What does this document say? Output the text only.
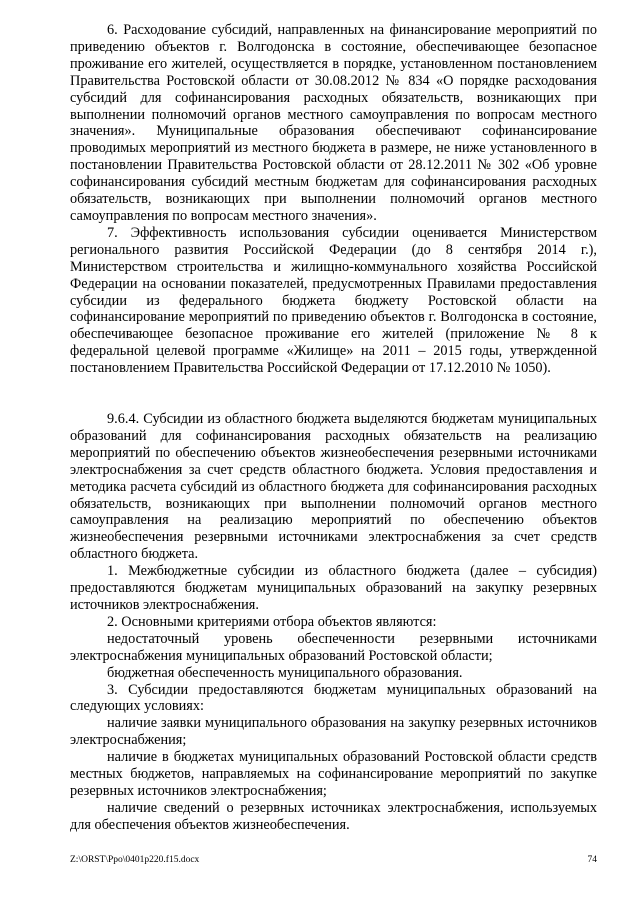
6. Расходование субсидий, направленных на финансирование мероприятий по приведению объектов г. Волгодонска в состояние, обеспечивающее безопасное проживание его жителей, осуществляется в порядке, установленном постановлением Правительства Ростовской области от 30.08.2012 № 834 «О порядке расходования субсидий для софинансирования расходных обязательств, возникающих при выполнении полномочий органов местного самоуправления по вопросам местного значения». Муниципальные образования обеспечивают софинансирование проводимых мероприятий из местного бюджета в размере, не ниже установленного в постановлении Правительства Ростовской области от 28.12.2011 № 302 «Об уровне софинансирования субсидий местным бюджетам для софинансирования расходных обязательств, возникающих при выполнении полномочий органов местного самоуправления по вопросам местного значения».

7. Эффективность использования субсидии оценивается Министерством регионального развития Российской Федерации (до 8 сентября 2014 г.), Министерством строительства и жилищно-коммунального хозяйства Российской Федерации на основании показателей, предусмотренных Правилами предоставления субсидии из федерального бюджета бюджету Ростовской области на софинансирование мероприятий по приведению объектов г. Волгодонска в состояние, обеспечивающее безопасное проживание его жителей (приложение № 8 к федеральной целевой программе «Жилище» на 2011 – 2015 годы, утвержденной постановлением Правительства Российской Федерации от 17.12.2010 № 1050).

9.6.4. Субсидии из областного бюджета выделяются бюджетам муниципальных образований для софинансирования расходных обязательств на реализацию мероприятий по обеспечению объектов жизнеобеспечения резервными источниками электроснабжения за счет средств областного бюджета. Условия предоставления и методика расчета субсидий из областного бюджета для софинансирования расходных обязательств, возникающих при выполнении полномочий органов местного самоуправления на реализацию мероприятий по обеспечению объектов жизнеобеспечения резервными источниками электроснабжения за счет средств областного бюджета.

1. Межбюджетные субсидии из областного бюджета (далее – субсидия) предоставляются бюджетам муниципальных образований на закупку резервных источников электроснабжения.

2. Основными критериями отбора объектов являются:

недостаточный уровень обеспеченности резервными источниками электроснабжения муниципальных образований Ростовской области;

бюджетная обеспеченность муниципального образования.

3. Субсидии предоставляются бюджетам муниципальных образований на следующих условиях:

наличие заявки муниципального образования на закупку резервных источников электроснабжения;

наличие в бюджетах муниципальных образований Ростовской области средств местных бюджетов, направляемых на софинансирование мероприятий по закупке резервных источников электроснабжения;

наличие сведений о резервных источниках электроснабжения, используемых для обеспечения объектов жизнеобеспечения.

Z:\ORST\Ppo\0401p220.f15.docx	74
